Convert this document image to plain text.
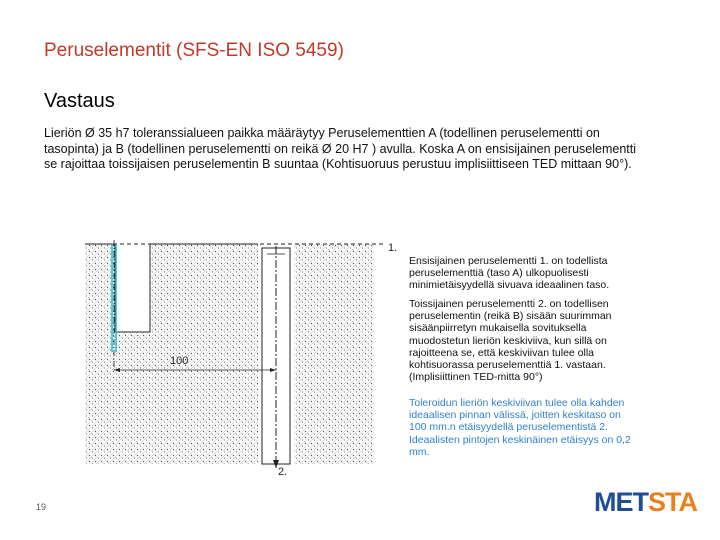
Peruselementit (SFS-EN ISO 5459)
Vastaus
Lieriön Ø 35 h7 toleranssialueen paikka määräytyy Peruselementtien A (todellinen peruselementti on tasopinta) ja B (todellinen peruselementti on reikä Ø 20 H7 ) avulla. Koska A on ensisijainen peruselementti se rajoittaa toissijaisen peruselementin B suuntaa (Kohtisuoruus perustuu implisiittiseen TED mittaan 90°).
100
1.
2.
Ensisijainen peruselementti 1. on todellista peruselementtiä (taso A) ulkopuolisesti minimietäisyydellä sivuava ideaalinen taso.
Toissijainen peruselementti 2. on todellisen peruselementin (reikä B) sisään suurimman sisäänpiirretyn mukaisella sovituksella muodostetun lieriön keskiviiva, kun sillä on rajoitteena se, että keskiviivan tulee olla kohtisuorassa peruselementtiä 1. vastaan. (Implisiittinen TED-mitta 90°)
Toleroidun lieriön keskiviivan tulee olla kahden ideaalisen pinnan välissä, joitten keskitaso on 100 mm.n etäisyydellä peruselementistä 2. Ideaalisten pintojen keskinäinen etäisyys on 0,2 mm.
19	METSTA
